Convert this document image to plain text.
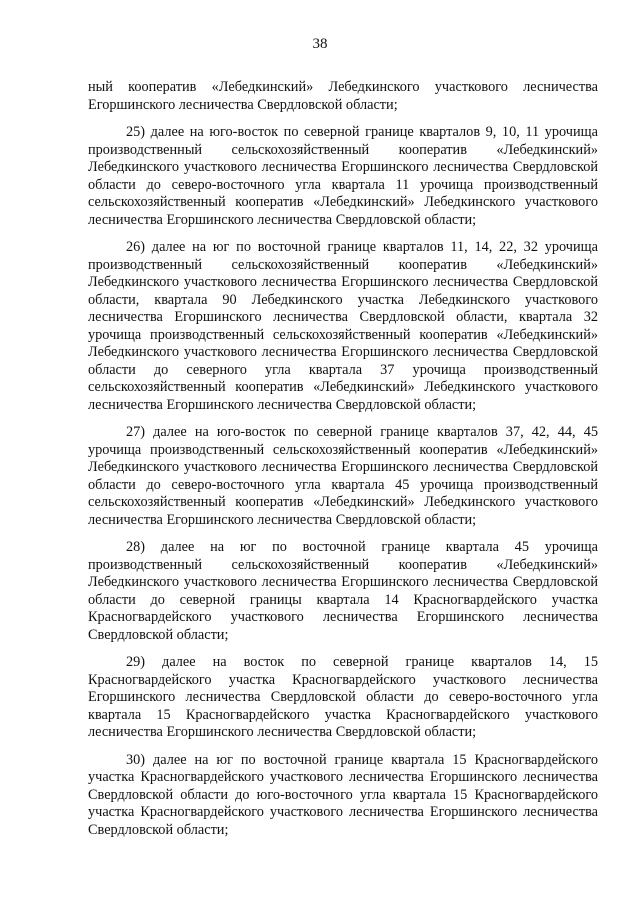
38

ный кооператив «Лебедкинский» Лебедкинского участкового лесничества Егоршинского лесничества Свердловской области;

25) далее на юго-восток по северной границе кварталов 9, 10, 11 урочища производственный сельскохозяйственный кооператив «Лебедкинский» Лебедкинского участкового лесничества Егоршинского лесничества Свердловской области до северо-восточного угла квартала 11 урочища производственный сельскохозяйственный кооператив «Лебедкинский» Лебедкинского участкового лесничества Егоршинского лесничества Свердловской области;

26) далее на юг по восточной границе кварталов 11, 14, 22, 32 урочища производственный сельскохозяйственный кооператив «Лебедкинский» Лебедкинского участкового лесничества Егоршинского лесничества Свердловской области, квартала 90 Лебедкинского участка Лебедкинского участкового лесничества Егоршинского лесничества Свердловской области, квартала 32 урочища производственный сельскохозяйственный кооператив «Лебедкинский» Лебедкинского участкового лесничества Егоршинского лесничества Свердловской области до северного угла квартала 37 урочища производственный сельскохозяйственный кооператив «Лебедкинский» Лебедкинского участкового лесничества Егоршинского лесничества Свердловской области;

27) далее на юго-восток по северной границе кварталов 37, 42, 44, 45 урочища производственный сельскохозяйственный кооператив «Лебедкинский» Лебедкинского участкового лесничества Егоршинского лесничества Свердловской области до северо-восточного угла квартала 45 урочища производственный сельскохозяйственный кооператив «Лебедкинский» Лебедкинского участкового лесничества Егоршинского лесничества Свердловской области;

28) далее на юг по восточной границе квартала 45 урочища производственный сельскохозяйственный кооператив «Лебедкинский» Лебедкинского участкового лесничества Егоршинского лесничества Свердловской области до северной границы квартала 14 Красногвардейского участка Красногвардейского участкового лесничества Егоршинского лесничества Свердловской области;

29) далее на восток по северной границе кварталов 14, 15 Красногвардейского участка Красногвардейского участкового лесничества Егоршинского лесничества Свердловской области до северо-восточного угла квартала 15 Красногвардейского участка Красногвардейского участкового лесничества Егоршинского лесничества Свердловской области;

30) далее на юг по восточной границе квартала 15 Красногвардейского участка Красногвардейского участкового лесничества Егоршинского лесничества Свердловской области до юго-восточного угла квартала 15 Красногвардейского участка Красногвардейского участкового лесничества Егоршинского лесничества Свердловской области;
